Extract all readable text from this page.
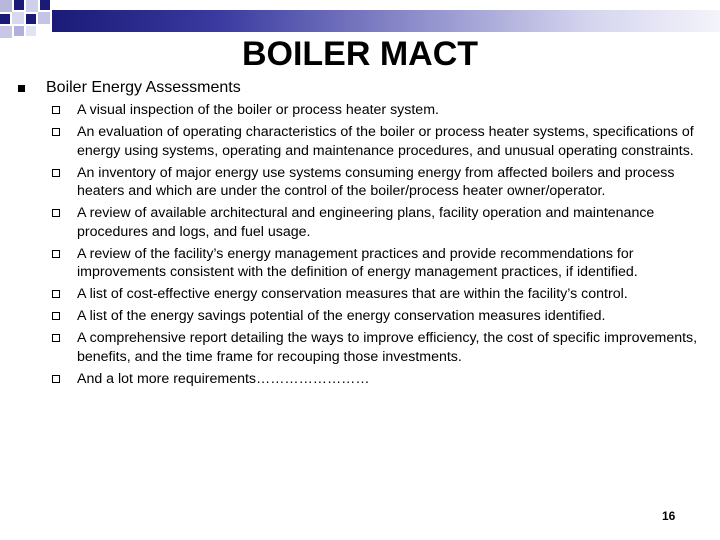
BOILER MACT
Boiler Energy Assessments
A visual inspection of the boiler or process heater system.
An evaluation of operating characteristics of the boiler or process heater systems, specifications of energy using systems, operating and maintenance procedures, and unusual operating constraints.
An inventory of major energy use systems consuming energy from affected boilers and process heaters and which are under the control of the boiler/process heater owner/operator.
A review of available architectural and engineering plans, facility operation and maintenance procedures and logs, and fuel usage.
A review of the facility’s energy management practices and provide recommendations for improvements consistent with the definition of energy management practices, if identified.
A list of cost-effective energy conservation measures that are within the facility’s control.
A list of the energy savings potential of the energy conservation measures identified.
A comprehensive report detailing the ways to improve efficiency, the cost of specific improvements, benefits, and the time frame for recouping those investments.
And a lot more requirements……………………
16
